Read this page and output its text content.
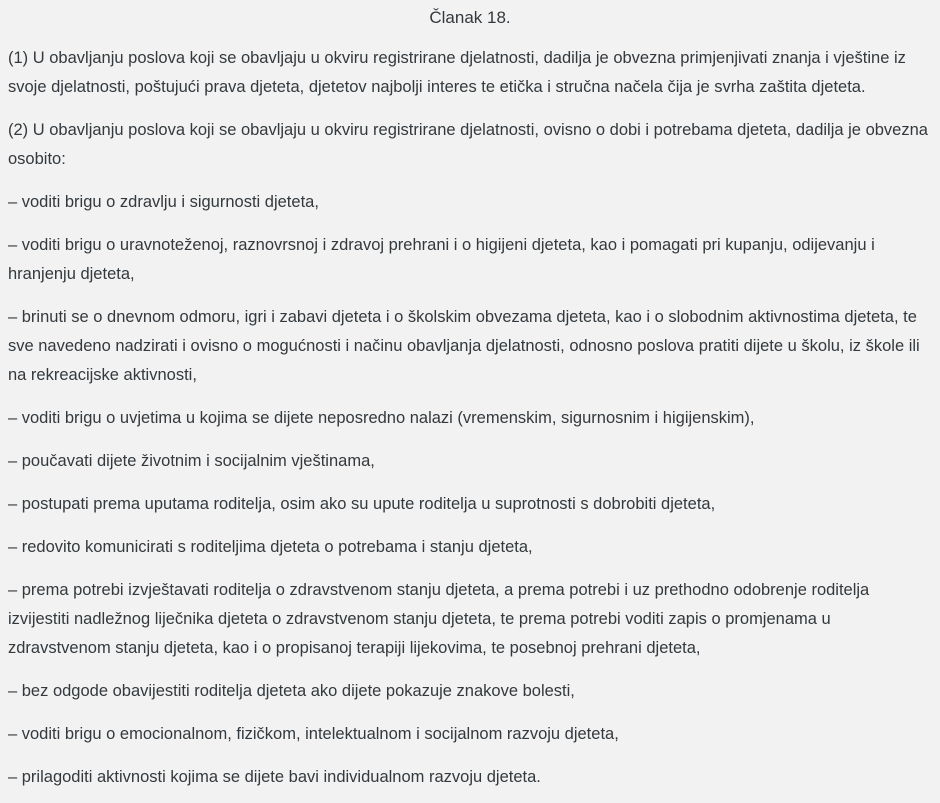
Članak 18.

(1) U obavljanju poslova koji se obavljaju u okviru registrirane djelatnosti, dadilja je obvezna primjenjivati znanja i vještine iz svoje djelatnosti, poštujući prava djeteta, djetetov najbolji interes te etička i stručna načela čija je svrha zaštita djeteta.

(2) U obavljanju poslova koji se obavljaju u okviru registrirane djelatnosti, ovisno o dobi i potrebama djeteta, dadilja je obvezna osobito:

– voditi brigu o zdravlju i sigurnosti djeteta,

– voditi brigu o uravnoteženoj, raznovrsnoj i zdravoj prehrani i o higijeni djeteta, kao i pomagati pri kupanju, odijevanju i hranjenju djeteta,

– brinuti se o dnevnom odmoru, igri i zabavi djeteta i o školskim obvezama djeteta, kao i o slobodnim aktivnostima djeteta, te sve navedeno nadzirati i ovisno o mogućnosti i načinu obavljanja djelatnosti, odnosno poslova pratiti dijete u školu, iz škole ili na rekreacijske aktivnosti,

– voditi brigu o uvjetima u kojima se dijete neposredno nalazi (vremenskim, sigurnosnim i higijenskim),

– poučavati dijete životnim i socijalnim vještinama,

– postupati prema uputama roditelja, osim ako su upute roditelja u suprotnosti s dobrobiti djeteta,

– redovito komunicirati s roditeljima djeteta o potrebama i stanju djeteta,

– prema potrebi izvještavati roditelja o zdravstvenom stanju djeteta, a prema potrebi i uz prethodno odobrenje roditelja izvijestiti nadležnog liječnika djeteta o zdravstvenom stanju djeteta, te prema potrebi voditi zapis o promjenama u zdravstvenom stanju djeteta, kao i o propisanoj terapiji lijekovima, te posebnoj prehrani djeteta,

– bez odgode obavijestiti roditelja djeteta ako dijete pokazuje znakove bolesti,

– voditi brigu o emocionalnom, fizičkom, intelektualnom i socijalnom razvoju djeteta,

– prilagoditi aktivnosti kojima se dijete bavi individualnom razvoju djeteta.
